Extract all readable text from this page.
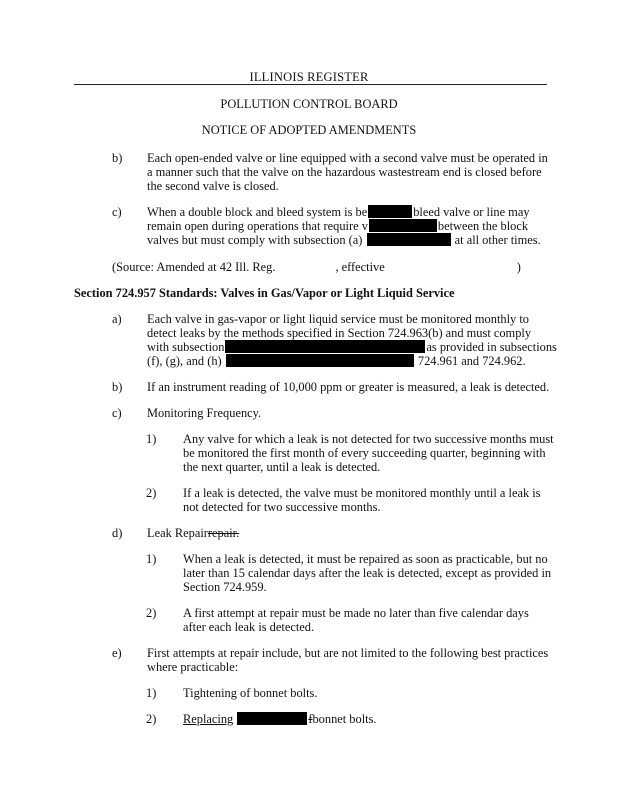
ILLINOIS REGISTER
POLLUTION CONTROL BOARD
NOTICE OF ADOPTED AMENDMENTS
b) Each open-ended valve or line equipped with a second valve must be operated in
a manner such that the valve on the hazardous wastestream end is closed before
the second valve is closed.
c) When a double block and bleed system is be	bleed valve or line may
remain open during operations that require v	between the block
valves but must comply with subsection (a)	at all other times.
(Source: Amended at 42 Ill. Reg.	, effective	)
Section 724.957 Standards: Valves in Gas/Vapor or Light Liquid Service
a) Each valve in gas-vapor or light liquid service must be monitored monthly to
detect leaks by the methods specified in Section 724.963(b) and must comply
with subsection	as provided in subsections
(f), (g), and (h)	724.961 and 724.962.
b) If an instrument reading of 10,000 ppm or greater is measured, a leak is detected.
c) Monitoring Frequency.
1) Any valve for which a leak is not detected for two successive months must
be monitored the first month of every succeeding quarter, beginning with
the next quarter, until a leak is detected.
2) If a leak is detected, the valve must be monitored monthly until a leak is
not detected for two successive months.
d) Leak Repairrepair.
1) When a leak is detected, it must be repaired as soon as practicable, but no
later than 15 calendar days after the leak is detected, except as provided in
Section 724.959.
2) A first attempt at repair must be made no later than five calendar days
after each leak is detected.
e) First attempts at repair include, but are not limited to the following best practices
where practicable:
1) Tightening of bonnet bolts.
2) Replacing	fbonnet bolts.
